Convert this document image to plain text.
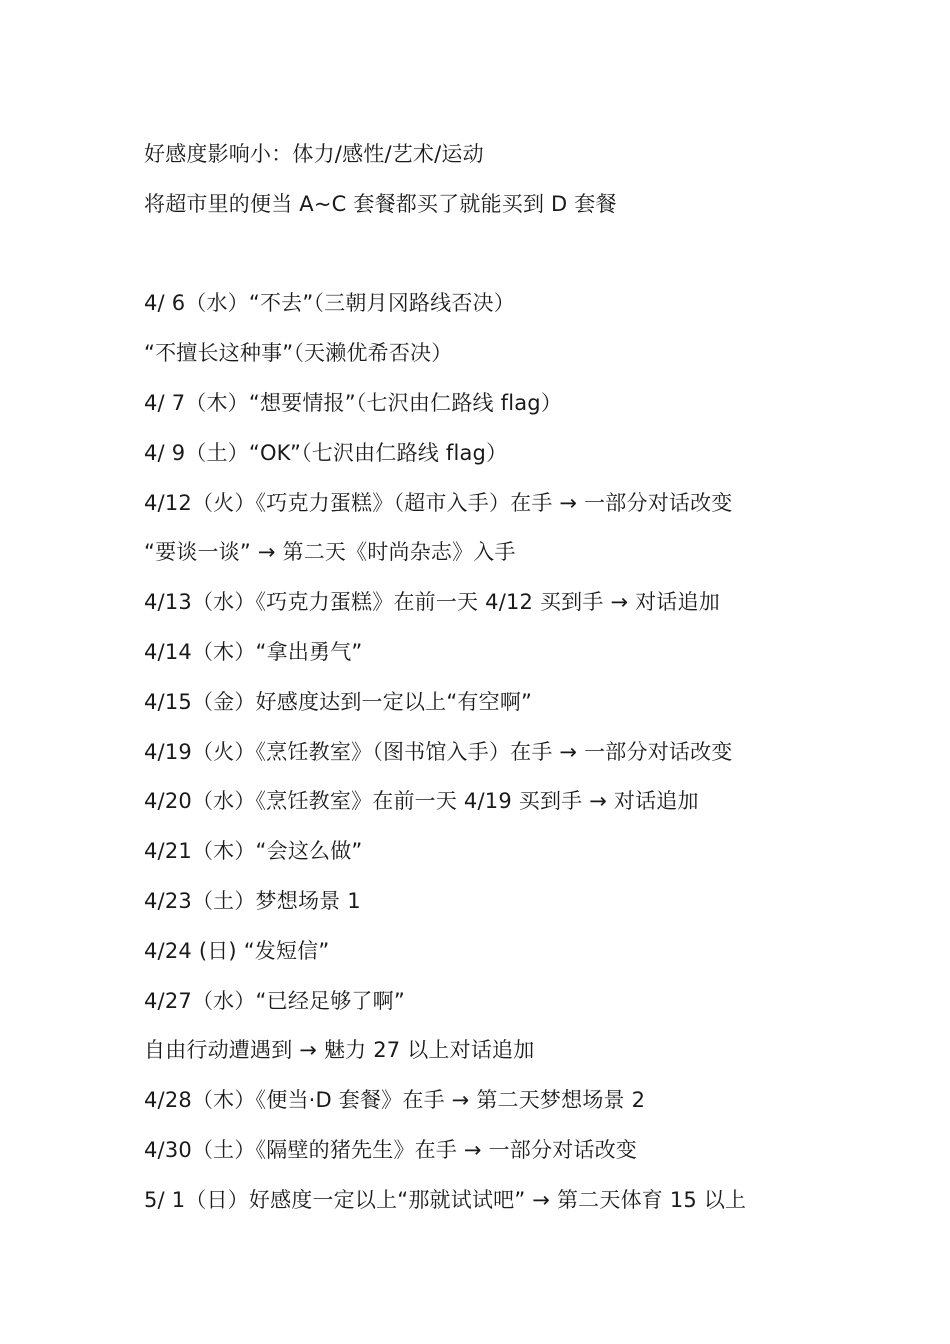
好感度影响小：体力/感性/艺术/运动
将超市里的便当 A~C 套餐都买了就能买到 D 套餐
4/ 6（水）“不去”（三朝月冈路线否决）
“不擅长这种事”（天濑优希否决）
4/ 7（木）“想要情报”（七沢由仁路线 flag）
4/ 9（土）“OK”（七沢由仁路线 flag）
4/12（火）《巧克力蛋糕》（超市入手）在手 → 一部分对话改变
“要谈一谈” → 第二天《时尚杂志》入手
4/13（水）《巧克力蛋糕》在前一天 4/12 买到手 → 对话追加
4/14（木）“拿出勇气”
4/15（金）好感度达到一定以上“有空啊”
4/19（火）《烹饪教室》（图书馆入手）在手 → 一部分对话改变
4/20（水）《烹饪教室》在前一天 4/19 买到手 → 对话追加
4/21（木）“会这么做”
4/23（土）梦想场景 1
4/24 (日) “发短信”
4/27（水）“已经足够了啊”
自由行动遭遇到 → 魅力 27 以上对话追加
4/28（木）《便当·D 套餐》在手 → 第二天梦想场景 2
4/30（土）《隔壁的猪先生》在手 → 一部分对话改变
5/ 1（日）好感度一定以上“那就试试吧” → 第二天体育 15 以上
